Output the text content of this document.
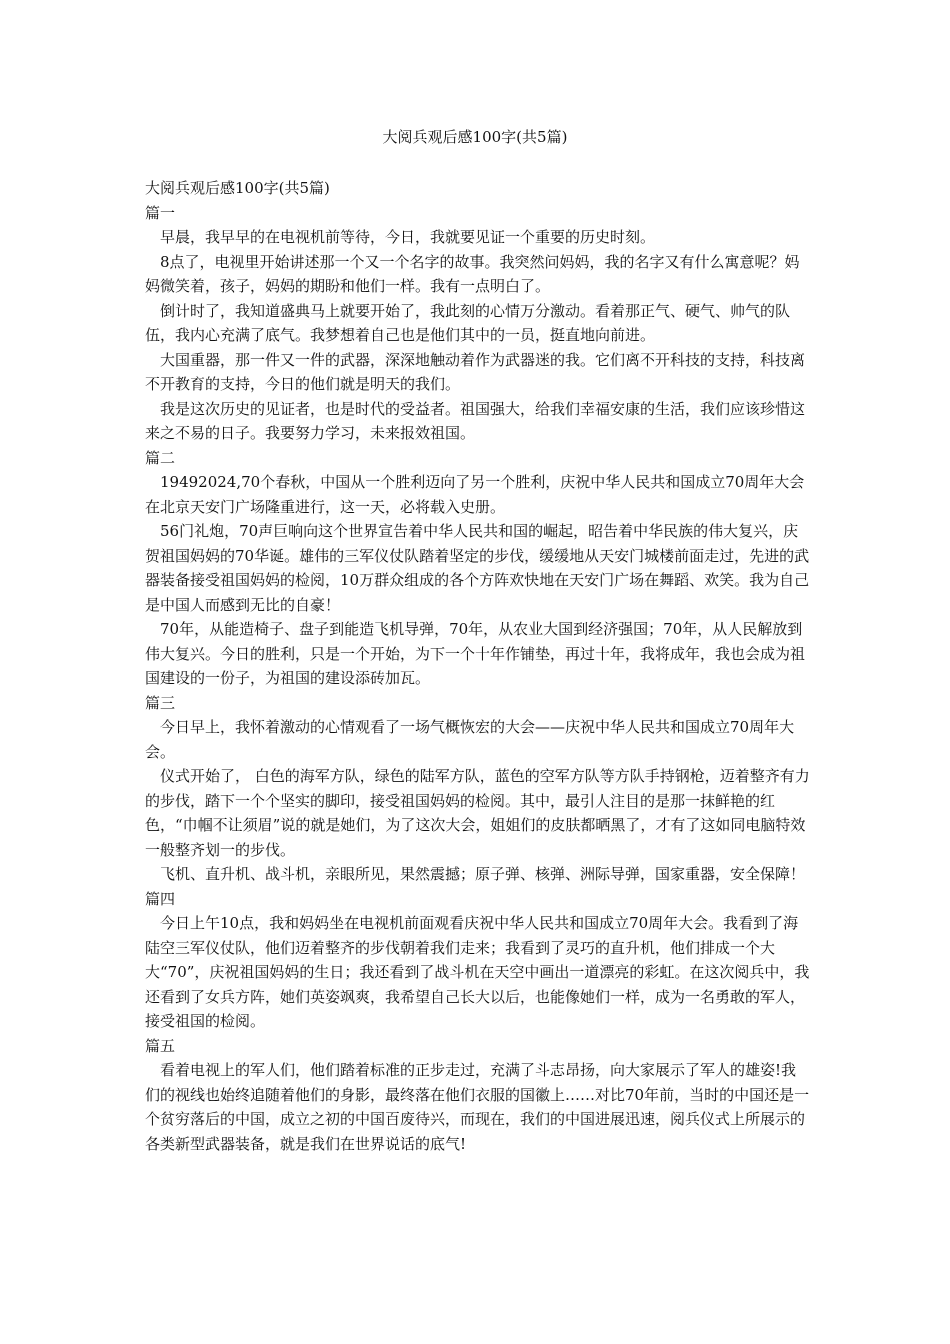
大阅兵观后感100字(共5篇)

大阅兵观后感100字(共5篇)

篇一

早晨，我早早的在电视机前等待，今日，我就要见证一个重要的历史时刻。

8点了，电视里开始讲述那一个又一个名字的故事。我突然问妈妈，我的名字又有什么寓意呢？妈妈微笑着，孩子，妈妈的期盼和他们一样。我有一点明白了。

倒计时了，我知道盛典马上就要开始了，我此刻的心情万分激动。看着那正气、硬气、帅气的队伍，我内心充满了底气。我梦想着自己也是他们其中的一员，挺直地向前进。

大国重器，那一件又一件的武器，深深地触动着作为武器迷的我。它们离不开科技的支持，科技离不开教育的支持，今日的他们就是明天的我们。

我是这次历史的见证者，也是时代的受益者。祖国强大，给我们幸福安康的生活，我们应该珍惜这来之不易的日子。我要努力学习，未来报效祖国。

篇二

19492024,70个春秋，中国从一个胜利迈向了另一个胜利，庆祝中华人民共和国成立70周年大会在北京天安门广场隆重进行，这一天，必将载入史册。

56门礼炮，70声巨响向这个世界宣告着中华人民共和国的崛起，昭告着中华民族的伟大复兴，庆贺祖国妈妈的70华诞。雄伟的三军仪仗队踏着坚定的步伐，缓缓地从天安门城楼前面走过，先进的武器装备接受祖国妈妈的检阅，10万群众组成的各个方阵欢快地在天安门广场在舞蹈、欢笑。我为自己是中国人而感到无比的自豪！

70年，从能造椅子、盘子到能造飞机导弹，70年，从农业大国到经济强国；70年，从人民解放到伟大复兴。今日的胜利，只是一个开始，为下一个十年作铺垫，再过十年，我将成年，我也会成为祖国建设的一份子，为祖国的建设添砖加瓦。

篇三

今日早上，我怀着激动的心情观看了一场气概恢宏的大会——庆祝中华人民共和国成立70周年大会。

仪式开始了， 白色的海军方队，绿色的陆军方队，蓝色的空军方队等方队手持钢枪，迈着整齐有力的步伐，踏下一个个坚实的脚印，接受祖国妈妈的检阅。其中，最引人注目的是那一抹鲜艳的红色，“巾帼不让须眉”说的就是她们，为了这次大会，姐姐们的皮肤都晒黑了，才有了这如同电脑特效一般整齐划一的步伐。

飞机、直升机、战斗机，亲眼所见，果然震撼；原子弹、核弹、洲际导弹，国家重器，安全保障！

篇四

今日上午10点，我和妈妈坐在电视机前面观看庆祝中华人民共和国成立70周年大会。我看到了海陆空三军仪仗队，他们迈着整齐的步伐朝着我们走来；我看到了灵巧的直升机，他们排成一个大大“70”，庆祝祖国妈妈的生日；我还看到了战斗机在天空中画出一道漂亮的彩虹。在这次阅兵中，我还看到了女兵方阵，她们英姿飒爽，我希望自己长大以后，也能像她们一样，成为一名勇敢的军人，接受祖国的检阅。

篇五

看着电视上的军人们，他们踏着标准的正步走过，充满了斗志昂扬，向大家展示了军人的雄姿!我们的视线也始终追随着他们的身影，最终落在他们衣服的国徽上……对比70年前，当时的中国还是一个贫穷落后的中国，成立之初的中国百废待兴，而现在，我们的中国进展迅速，阅兵仪式上所展示的各类新型武器装备，就是我们在世界说话的底气!
